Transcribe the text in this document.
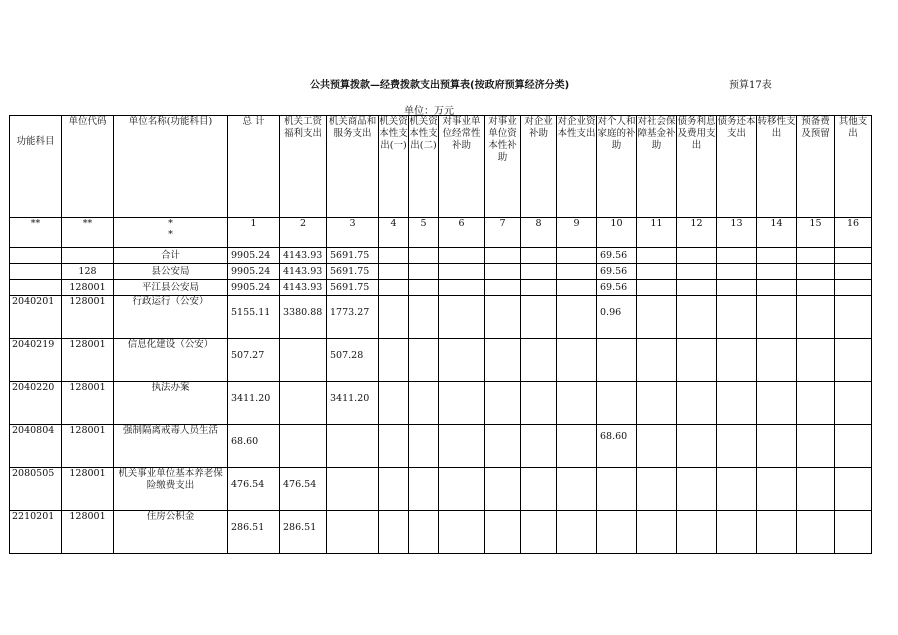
公共预算拨款—经费拨款支出预算表(按政府预算经济分类)	预算17表
单位：万元
功能科目	单位代码	单位名称(功能科目)	总 计	机关工资福利支出	机关商品和服务支出	机关资本性支出(一)	机关资本性支出(二)	对事业单位经常性补助	对事业单位资本性补助	对企业补助	对企业资本性支出	对个人和家庭的补助	对社会保障基金补助	债务利息及费用支出	债务还本支出	转移性支出	预备费及预留	其他支出
**	**	*
*	1	2	3	4	5	6	7	8	9	10	11	12	13	14	15	16
		合计	9905.24	4143.93	5691.75							69.56						
	128	县公安局	9905.24	4143.93	5691.75							69.56						
	128001	平江县公安局	9905.24	4143.93	5691.75							69.56						
2040201	128001	行政运行（公安）	5155.11	3380.88	1773.27							0.96						
2040219	128001	信息化建设（公安）	507.27		507.28													
2040220	128001	执法办案	3411.20		3411.20													
2040804	128001	强制隔离戒毒人员生活	68.60									68.60						
2080505	128001	机关事业单位基本养老保险缴费支出	476.54	476.54														
2210201	128001	住房公积金	286.51	286.51														
